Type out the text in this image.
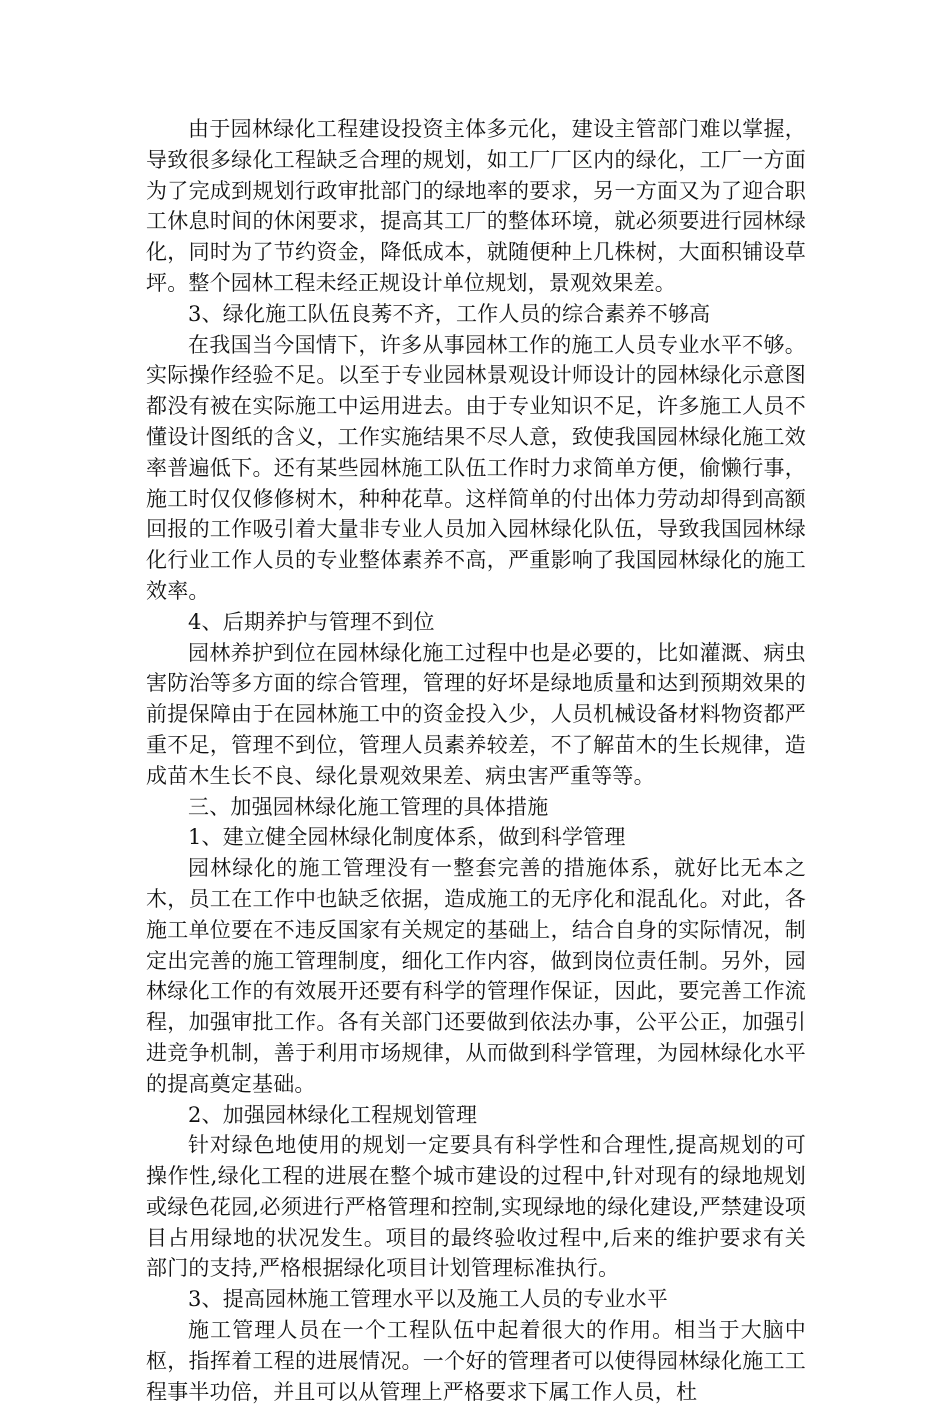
由于园林绿化工程建设投资主体多元化，建设主管部门难以掌握，导致很多绿化工程缺乏合理的规划，如工厂厂区内的绿化，工厂一方面为了完成到规划行政审批部门的绿地率的要求，另一方面又为了迎合职工休息时间的休闲要求，提高其工厂的整体环境，就必须要进行园林绿化，同时为了节约资金，降低成本，就随便种上几株树，大面积铺设草坪。整个园林工程未经正规设计单位规划，景观效果差。

3、绿化施工队伍良莠不齐，工作人员的综合素养不够高

在我国当今国情下，许多从事园林工作的施工人员专业水平不够。实际操作经验不足。以至于专业园林景观设计师设计的园林绿化示意图都没有被在实际施工中运用进去。由于专业知识不足，许多施工人员不懂设计图纸的含义，工作实施结果不尽人意，致使我国园林绿化施工效率普遍低下。还有某些园林施工队伍工作时力求简单方便，偷懒行事，施工时仅仅修修树木，种种花草。这样简单的付出体力劳动却得到高额回报的工作吸引着大量非专业人员加入园林绿化队伍，导致我国园林绿化行业工作人员的专业整体素养不高，严重影响了我国园林绿化的施工效率。

4、后期养护与管理不到位

园林养护到位在园林绿化施工过程中也是必要的，比如灌溉、病虫害防治等多方面的综合管理，管理的好坏是绿地质量和达到预期效果的前提保障由于在园林施工中的资金投入少，人员机械设备材料物资都严重不足，管理不到位，管理人员素养较差，不了解苗木的生长规律，造成苗木生长不良、绿化景观效果差、病虫害严重等等。

三、加强园林绿化施工管理的具体措施

1、建立健全园林绿化制度体系，做到科学管理

园林绿化的施工管理没有一整套完善的措施体系，就好比无本之木，员工在工作中也缺乏依据，造成施工的无序化和混乱化。对此，各施工单位要在不违反国家有关规定的基础上，结合自身的实际情况，制定出完善的施工管理制度，细化工作内容，做到岗位责任制。另外，园林绿化工作的有效展开还要有科学的管理作保证，因此，要完善工作流程，加强审批工作。各有关部门还要做到依法办事，公平公正，加强引进竞争机制，善于利用市场规律，从而做到科学管理，为园林绿化水平的提高奠定基础。

2、加强园林绿化工程规划管理

针对绿色地使用的规划一定要具有科学性和合理性,提高规划的可操作性,绿化工程的进展在整个城市建设的过程中,针对现有的绿地规划或绿色花园,必须进行严格管理和控制,实现绿地的绿化建设,严禁建设项目占用绿地的状况发生。项目的最终验收过程中,后来的维护要求有关部门的支持,严格根据绿化项目计划管理标准执行。

3、提高园林施工管理水平以及施工人员的专业水平

施工管理人员在一个工程队伍中起着很大的作用。相当于大脑中枢，指挥着工程的进展情况。一个好的管理者可以使得园林绿化施工工程事半功倍，并且可以从管理上严格要求下属工作人员，杜
